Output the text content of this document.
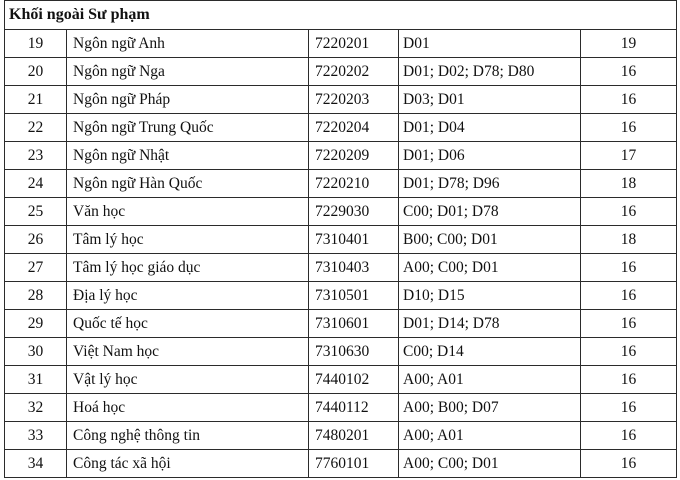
Khối ngoài Sư phạm				
19	Ngôn ngữ Anh	7220201	D01	19
20	Ngôn ngữ Nga	7220202	D01; D02; D78; D80	16
21	Ngôn ngữ Pháp	7220203	D03; D01	16
22	Ngôn ngữ Trung Quốc	7220204	D01; D04	16
23	Ngôn ngữ Nhật	7220209	D01; D06	17
24	Ngôn ngữ Hàn Quốc	7220210	D01; D78; D96	18
25	Văn học	7229030	C00; D01; D78	16
26	Tâm lý học	7310401	B00; C00; D01	18
27	Tâm lý học giáo dục	7310403	A00; C00; D01	16
28	Địa lý học	7310501	D10; D15	16
29	Quốc tế học	7310601	D01; D14; D78	16
30	Việt Nam học	7310630	C00; D14	16
31	Vật lý học	7440102	A00; A01	16
32	Hoá học	7440112	A00; B00; D07	16
33	Công nghệ thông tin	7480201	A00; A01	16
34	Công tác xã hội	7760101	A00; C00; D01	16
